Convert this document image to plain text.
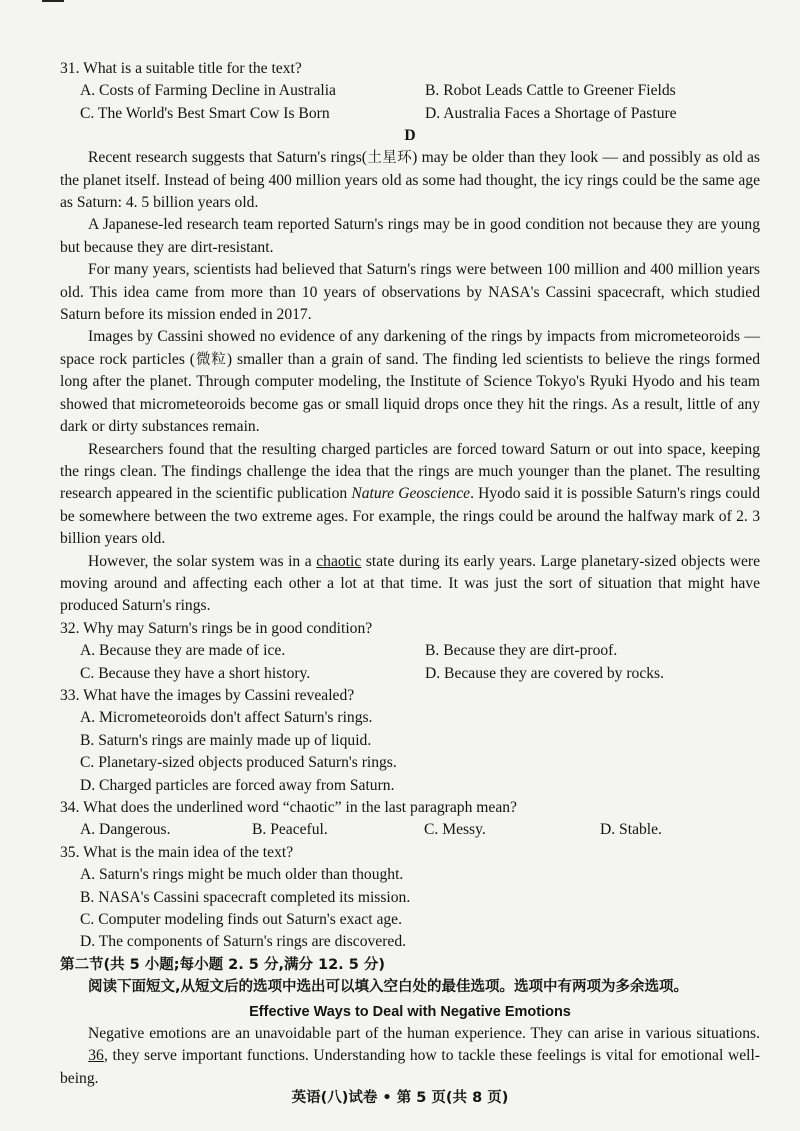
31. What is a suitable title for the text?

A. Costs of Farming Decline in Australia	B. Robot Leads Cattle to Greener Fields
C. The World's Best Smart Cow Is Born	D. Australia Faces a Shortage of Pasture

D

Recent research suggests that Saturn's rings(土星环) may be older than they look — and possibly as old as the planet itself. Instead of being 400 million years old as some had thought, the icy rings could be the same age as Saturn: 4. 5 billion years old.

A Japanese-led research team reported Saturn's rings may be in good condition not because they are young but because they are dirt-resistant.

For many years, scientists had believed that Saturn's rings were between 100 million and 400 million years old. This idea came from more than 10 years of observations by NASA's Cassini spacecraft, which studied Saturn before its mission ended in 2017.

Images by Cassini showed no evidence of any darkening of the rings by impacts from micrometeoroids — space rock particles (微粒) smaller than a grain of sand. The finding led scientists to believe the rings formed long after the planet. Through computer modeling, the Institute of Science Tokyo's Ryuki Hyodo and his team showed that micrometeoroids become gas or small liquid drops once they hit the rings. As a result, little of any dark or dirty substances remain.

Researchers found that the resulting charged particles are forced toward Saturn or out into space, keeping the rings clean. The findings challenge the idea that the rings are much younger than the planet. The resulting research appeared in the scientific publication Nature Geoscience. Hyodo said it is possible Saturn's rings could be somewhere between the two extreme ages. For example, the rings could be around the halfway mark of 2. 3 billion years old.

However, the solar system was in a chaotic state during its early years. Large planetary-sized objects were moving around and affecting each other a lot at that time. It was just the sort of situation that might have produced Saturn's rings.

32. Why may Saturn's rings be in good condition?

A. Because they are made of ice.	B. Because they are dirt-proof.
C. Because they have a short history.	D. Because they are covered by rocks.

33. What have the images by Cassini revealed?

A. Micrometeoroids don't affect Saturn's rings.
B. Saturn's rings are mainly made up of liquid.
C. Planetary-sized objects produced Saturn's rings.
D. Charged particles are forced away from Saturn.

34. What does the underlined word “chaotic” in the last paragraph mean?

A. Dangerous.	B. Peaceful.	C. Messy.	D. Stable.

35. What is the main idea of the text?

A. Saturn's rings might be much older than thought.
B. NASA's Cassini spacecraft completed its mission.
C. Computer modeling finds out Saturn's exact age.
D. The components of Saturn's rings are discovered.

第二节(共 5 小题;每小题 2. 5 分,满分 12. 5 分)

阅读下面短文,从短文后的选项中选出可以填入空白处的最佳选项。选项中有两项为多余选项。

Effective Ways to Deal with Negative Emotions

Negative emotions are an unavoidable part of the human experience. They can arise in various situations. 36, they serve important functions. Understanding how to tackle these feelings is vital for emotional well-being.

英语(八)试卷 • 第 5 页(共 8 页)
